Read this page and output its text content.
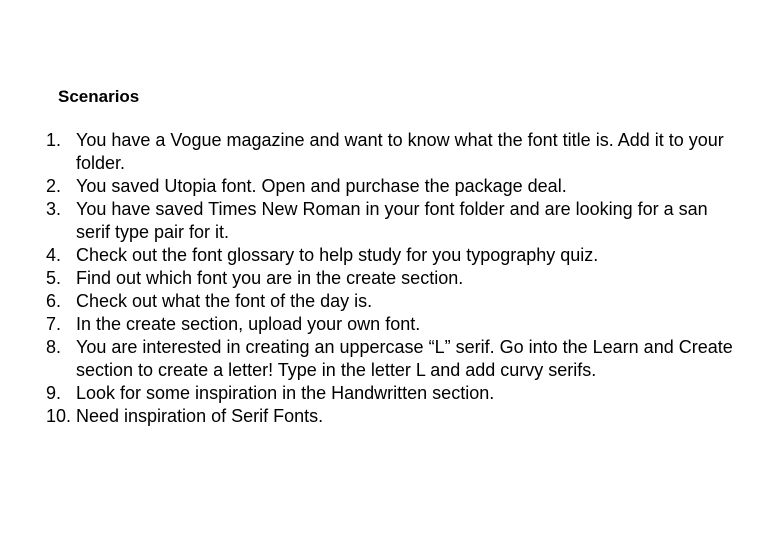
Scenarios
1. You have a Vogue magazine and want to know what the font title is. Add it to your folder.
2. You saved Utopia font. Open and purchase the package deal.
3. You have saved Times New Roman in your font folder and are looking for a san serif type pair for it.
4. Check out the font glossary to help study for you typography quiz.
5. Find out which font you are in the create section.
6. Check out what the font of the day is.
7. In the create section, upload your own font.
8. You are interested in creating an uppercase “L” serif. Go into the Learn and Create section to create a letter! Type in the letter L and add curvy serifs.
9. Look for some inspiration in the Handwritten section.
10. Need inspiration of Serif Fonts.
